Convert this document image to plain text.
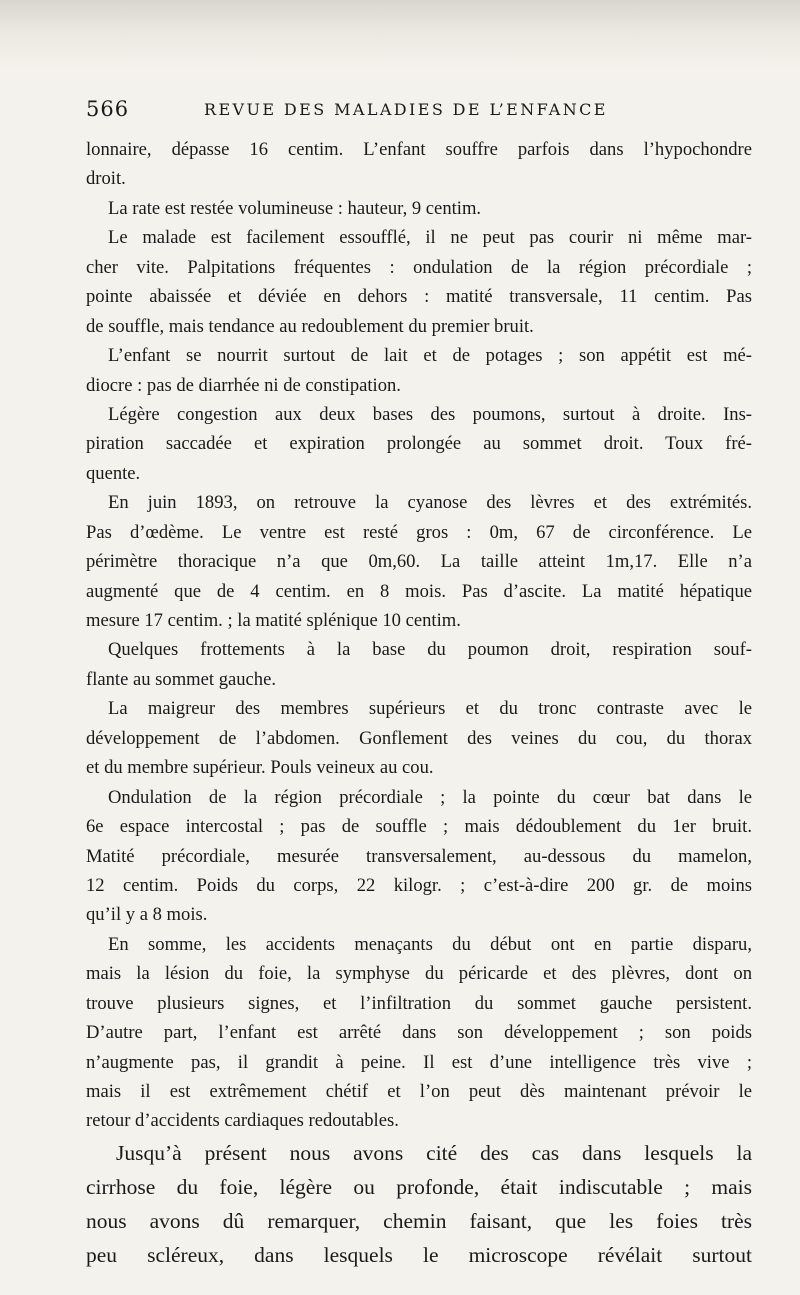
566	REVUE DES MALADIES DE L’ENFANCE
lonnaire, dépasse 16 centim. L’enfant souffre parfois dans l’hypochondre
droit.
La rate est restée volumineuse : hauteur, 9 centim.
Le malade est facilement essoufflé, il ne peut pas courir ni même mar-
cher vite. Palpitations fréquentes : ondulation de la région précordiale ;
pointe abaissée et déviée en dehors : matité transversale, 11 centim. Pas
de souffle, mais tendance au redoublement du premier bruit.
L’enfant se nourrit surtout de lait et de potages ; son appétit est mé-
diocre : pas de diarrhée ni de constipation.
Légère congestion aux deux bases des poumons, surtout à droite. Ins-
piration saccadée et expiration prolongée au sommet droit. Toux fré-
quente.
En juin 1893, on retrouve la cyanose des lèvres et des extrémités.
Pas d’œdème. Le ventre est resté gros : 0m, 67 de circonférence. Le
périmètre thoracique n’a que 0m,60. La taille atteint 1m,17. Elle n’a
augmenté que de 4 centim. en 8 mois. Pas d’ascite. La matité hépatique
mesure 17 centim. ; la matité splénique 10 centim.
Quelques frottements à la base du poumon droit, respiration souf-
flante au sommet gauche.
La maigreur des membres supérieurs et du tronc contraste avec le
développement de l’abdomen. Gonflement des veines du cou, du thorax
et du membre supérieur. Pouls veineux au cou.
Ondulation de la région précordiale ; la pointe du cœur bat dans le
6e espace intercostal ; pas de souffle ; mais dédoublement du 1er bruit.
Matité précordiale, mesurée transversalement, au-dessous du mamelon,
12 centim. Poids du corps, 22 kilogr. ; c’est-à-dire 200 gr. de moins
qu’il y a 8 mois.
En somme, les accidents menaçants du début ont en partie disparu,
mais la lésion du foie, la symphyse du péricarde et des plèvres, dont on
trouve plusieurs signes, et l’infiltration du sommet gauche persistent.
D’autre part, l’enfant est arrêté dans son développement ; son poids
n’augmente pas, il grandit à peine. Il est d’une intelligence très vive ;
mais il est extrêmement chétif et l’on peut dès maintenant prévoir le
retour d’accidents cardiaques redoutables.
Jusqu’à présent nous avons cité des cas dans lesquels la
cirrhose du foie, légère ou profonde, était indiscutable ; mais
nous avons dû remarquer, chemin faisant, que les foies très
peu scléreux, dans lesquels le microscope révélait surtout
